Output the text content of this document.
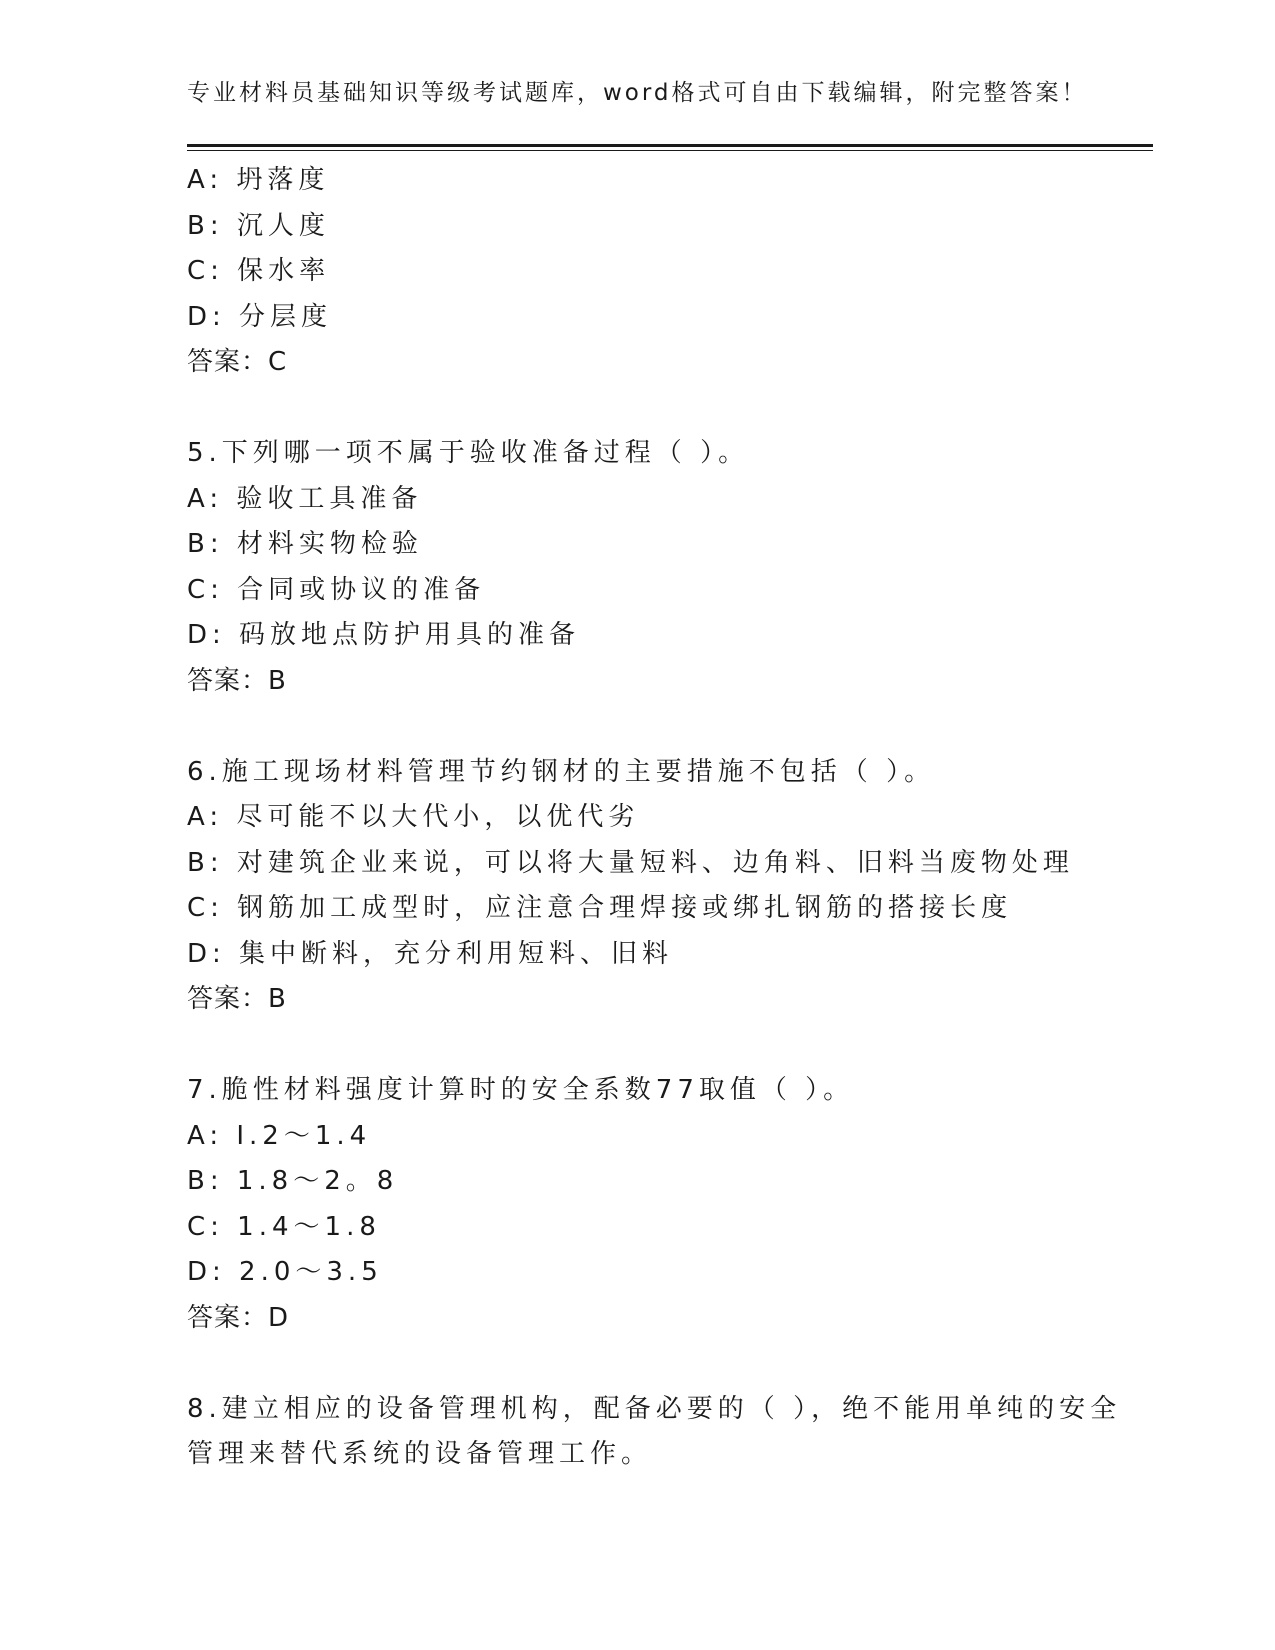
专业材料员基础知识等级考试题库，word格式可自由下载编辑，附完整答案！

A: 坍落度

B: 沉人度

C: 保水率

D: 分层度

答案：C

5.下列哪一项不属于验收准备过程（ ）。

A: 验收工具准备

B: 材料实物检验

C: 合同或协议的准备

D: 码放地点防护用具的准备

答案：B

6.施工现场材料管理节约钢材的主要措施不包括（ ）。

A: 尽可能不以大代小，以优代劣

B: 对建筑企业来说，可以将大量短料、边角料、旧料当废物处理

C: 钢筋加工成型时，应注意合理焊接或绑扎钢筋的搭接长度

D: 集中断料，充分利用短料、旧料

答案：B

7.脆性材料强度计算时的安全系数77取值（ ）。

A: I.2～1.4

B: 1.8～2。8

C: 1.4～1.8

D: 2.0～3.5

答案：D

8.建立相应的设备管理机构，配备必要的（ ），绝不能用单纯的安全

管理来替代系统的设备管理工作。
